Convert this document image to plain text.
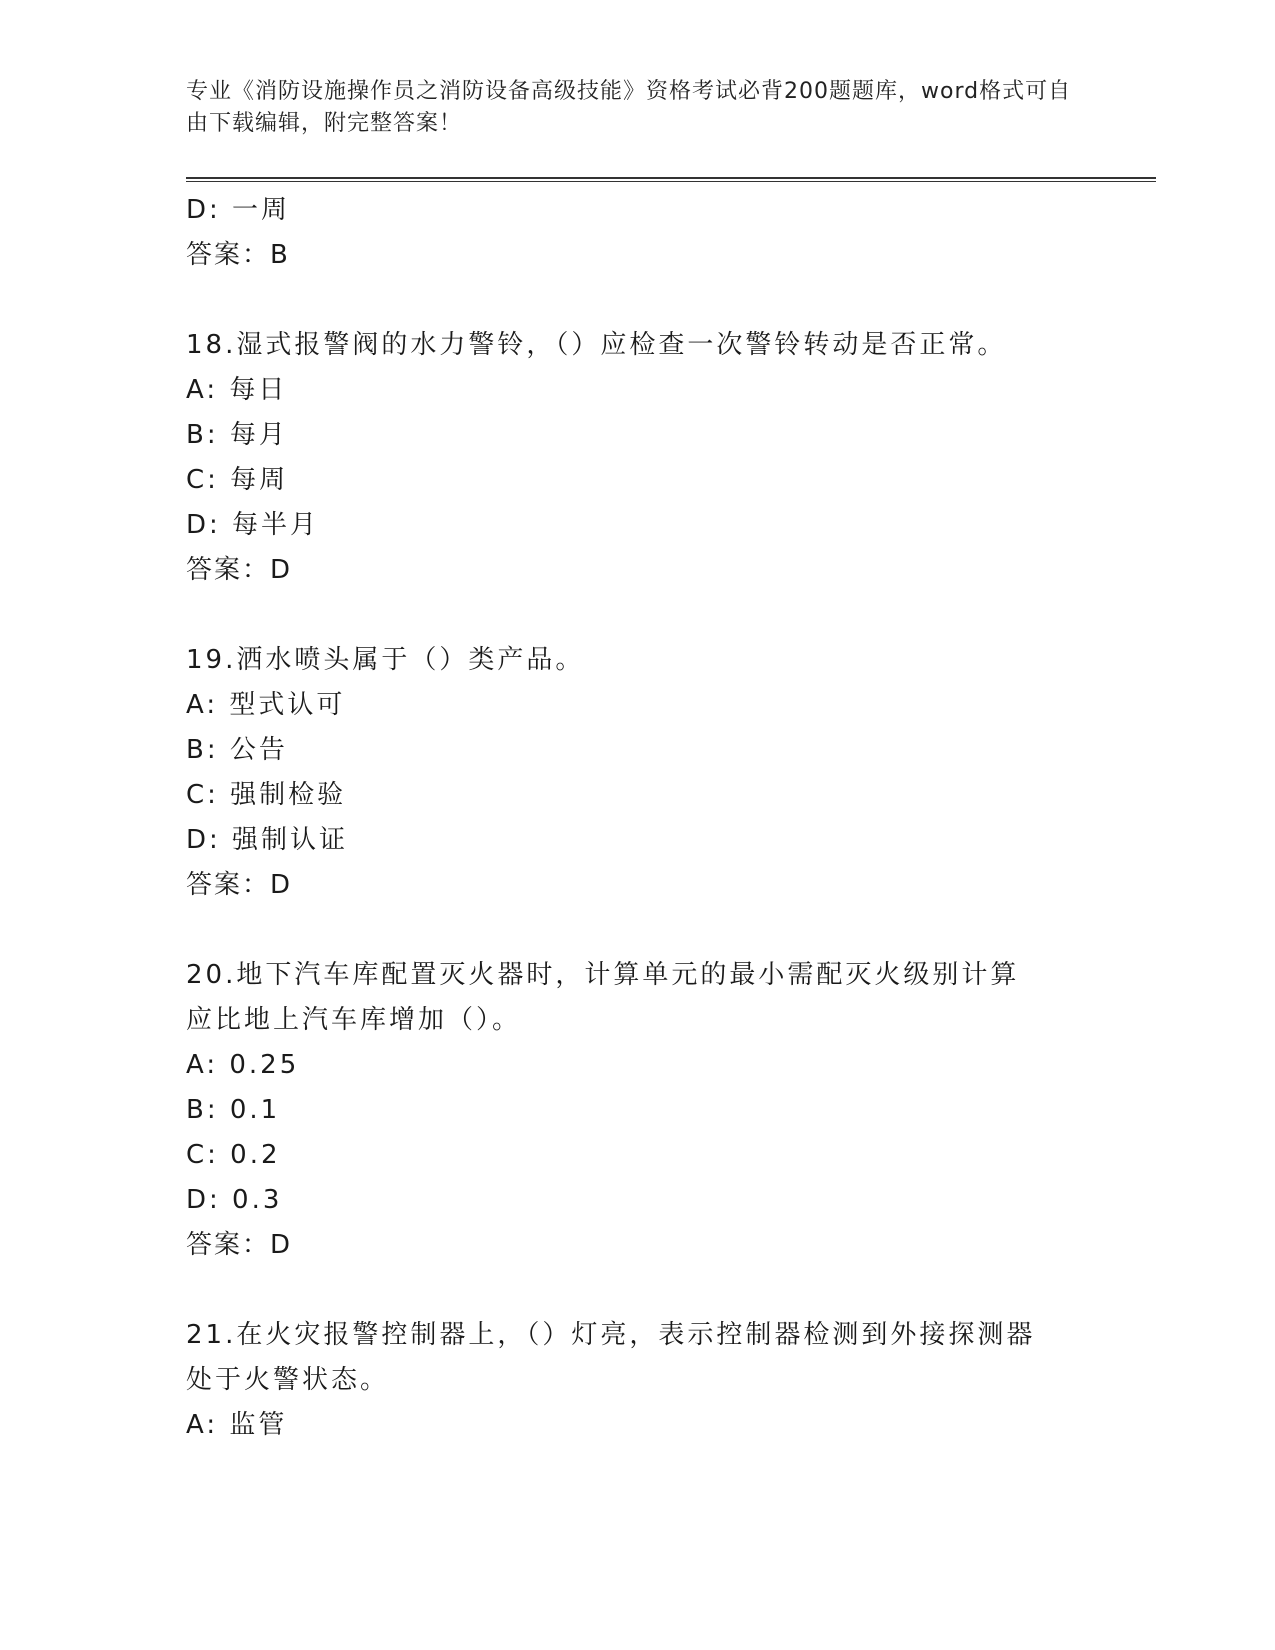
专业《消防设施操作员之消防设备高级技能》资格考试必背200题题库，word格式可自由下载编辑，附完整答案！
D: 一周
答案：B
18.湿式报警阀的水力警铃，（）应检查一次警铃转动是否正常。
A: 每日
B: 每月
C: 每周
D: 每半月
答案：D
19.洒水喷头属于（）类产品。
A: 型式认可
B: 公告
C: 强制检验
D: 强制认证
答案：D
20.地下汽车库配置灭火器时，计算单元的最小需配灭火级别计算应比地上汽车库增加（）。
A: 0.25
B: 0.1
C: 0.2
D: 0.3
答案：D
21.在火灾报警控制器上，（）灯亮，表示控制器检测到外接探测器处于火警状态。
A: 监管
